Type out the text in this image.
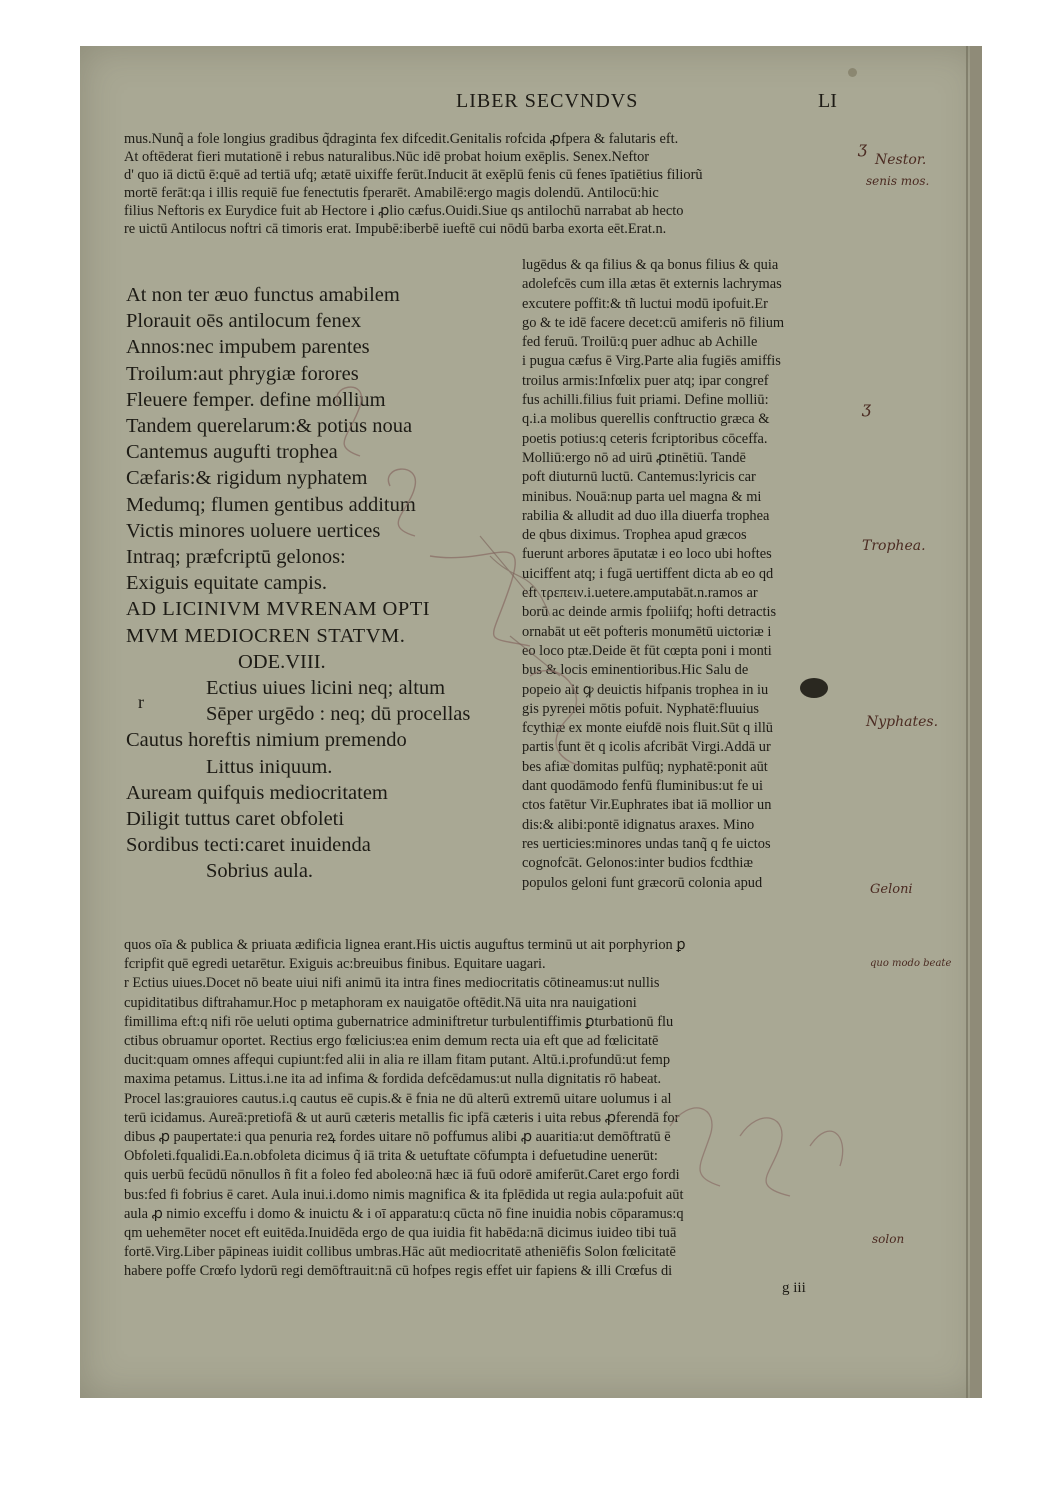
LIBER SECVNDVS	LI
mus.Nunq̃ a fole longius gradibus q̃draginta fex difcedit.Genitalis rofcida ꝓfpera & falutaris eft.
At oftēderat fieri mutationē i rebus naturalibus.Nūc idē probat hoium exēplis. Senex.Neftor
d' quo iā dictū ē:quē ad tertiā ufq; ætatē uixiffe ferūt.Inducit āt exēplū fenis cū fenes īpatiētius filiorũ
mortē ferāt:qa i illis requiē fue fenectutis fperarēt. Amabilē:ergo magis dolendū. Antilocū:hic
filius Neftoris ex Eurydice fuit ab Hectore i ꝓlio cæfus.Ouidi.Siue qs antilochū narrabat ab hecto
re uictū Antilocus noftri cā timoris erat. Impubē:iberbē iueftē cui nōdū barba exorta eēt.Erat.n.
lugēdus & qa filius & qa bonus filius & quia
adolefcēs cum illa ætas ēt externis lachrymas
excutere poffit:& tñ luctui modū ipofuit.Er
go & te idē facere decet:cū amiferis nō filium
fed feruū. Troilū:q puer adhuc ab Achille
i pugua cæfus ē Virg.Parte alia fugiēs amiffis
troilus armis:Infœlix puer atq; ipar congref
fus achilli.filius fuit priami. Define molliū:
q.i.a molibus querellis conftructio græca &
poetis potius:q ceteris fcriptoribus cōceffa.
Molliū:ergo nō ad uirū ꝓtinētiū. Tandē
poft diuturnū luctū. Cantemus:lyricis car
minibus. Nouā:nup parta uel magna & mi
rabilia & alludit ad duo illa diuerfa trophea
de qbus diximus. Trophea apud græcos
fuerunt arbores āputatæ i eo loco ubi hoftes
uiciffent atq; i fugā uertiffent dicta ab eo qd
eft τρεπειν.i.uetere.amputabāt.n.ramos ar
borū ac deinde armis fpoliifq; hofti detractis
ornabāt ut eēt pofteris monumētū uictoriæ i
eo loco ptæ.Deide ēt fūt cœpta poni i monti
bus & locis eminentioribus.Hic Salu de
popeio ait ꝙ deuictis hifpanis trophea in iu
gis pyrenei mōtis pofuit. Nyphatē:fluuius
fcythiæ ex monte eiufdē nois fluit.Sūt q illū
partis funt ēt q icolis afcribāt Virgi.Addā ur
bes afiæ domitas pulfūq; nyphatē:ponit aūt
dant quodāmodo fenfū fluminibus:ut fe ui
ctos fatētur Vir.Euphrates ibat iā mollior un
dis:& alibi:pontē idignatus araxes. Mino
res uerticies:minores undas tanq̃ q fe uictos
cognofcāt. Gelonos:inter budios fcdthiæ
populos geloni funt græcorū colonia apud
At non ter æuo functus amabilem
Plorauit oēs antilocum fenex
Annos:nec impubem parentes
Troilum:aut phrygiæ forores
Fleuere femper. define mollium
Tandem querelarum:& potius noua
Cantemus augufti trophea
Cæfaris:& rigidum nyphatem
Medumq; flumen gentibus additum
Victis minores uoluere uertices
Intraq; præfcriptū gelonos:
Exiguis equitate campis.
AD LICINIVM MVRENAM OPTI
MVM MEDIOCREN STATVM.
ODE.VIII.
Ectius uiues licini neq; altum
Sēper urgēdo : neq; dū procellas
Cautus horeftis nimium premendo
Littus iniquum.
Auream quifquis mediocritatem
Diligit tuttus caret obfoleti
Sordibus tecti:caret inuidenda
Sobrius aula.
r
quos oīa & publica & priuata ædificia lignea erant.His uictis auguftus terminū ut ait porphyrion ꝑ
fcripfit quē egredi uetarētur. Exiguis ac:breuibus finibus. Equitare uagari.
r Ectius uiues.Docet nō beate uiui nifi animū ita intra fines mediocritatis cōtineamus:ut nullis
cupiditatibus diftrahamur.Hoc p metaphoram ex nauigatōe oftēdit.Nā uita nra nauigationi
fimillima eft:q nifi rōe ueluti optima gubernatrice adminiftretur turbulentiffimis ꝑturbationū flu
ctibus obruamur oportet. Rectius ergo fœlicius:ea enim demum recta uia eft que ad fœlicitatē
ducit:quam omnes affequi cupiunt:fed alii in alia re illam fitam putant. Altū.i.profundū:ut femp
maxima petamus. Littus.i.ne ita ad infima & fordida defcēdamus:ut nulla dignitatis rō habeat.
Procel las:grauiores cautus.i.q cautus eē cupis.& ē fnia ne dū alterū extremū uitare uolumus i al
terū icidamus. Aureā:pretiofā & ut aurū cæteris metallis fic ipfā cæteris i uita rebus ꝓferendā for
dibus ꝓ paupertate:i qua penuria reꝝ fordes uitare nō poffumus alibi ꝓ auaritia:ut demōftratū ē
Obfoleti.fqualidi.Ea.n.obfoleta dicimus q̃ iā trita & uetuftate cōfumpta i defuetudine uenerūt:
quis uerbū fecūdū nōnullos ñ fit a foleo fed aboleo:nā hæc iā fuū odorē amiferūt.Caret ergo fordi
bus:fed fi fobrius ē caret. Aula inui.i.domo nimis magnifica & ita fplēdida ut regia aula:pofuit aūt
aula ꝓ nimio exceffu i domo & inuictu & i oī apparatu:q cūcta nō fine inuidia nobis cōparamus:q
qm uehemēter nocet eft euitēda.Inuidēda ergo de qua iuidia fit habēda:nā dicimus iuideo tibi tuā
fortē.Virg.Liber pāpineas iuidit collibus umbras.Hāc aūt mediocritatē atheniēfis Solon fœlicitatē
habere poffe Crœfo lydorū regi demōftrauit:nā cū hofpes regis effet uir fapiens & illi Crœfus di
g iii
Nestor.
senis mos.
Trophea.
Nyphates.
Geloni
quo modo beate
solon
ʒ
ʒ
